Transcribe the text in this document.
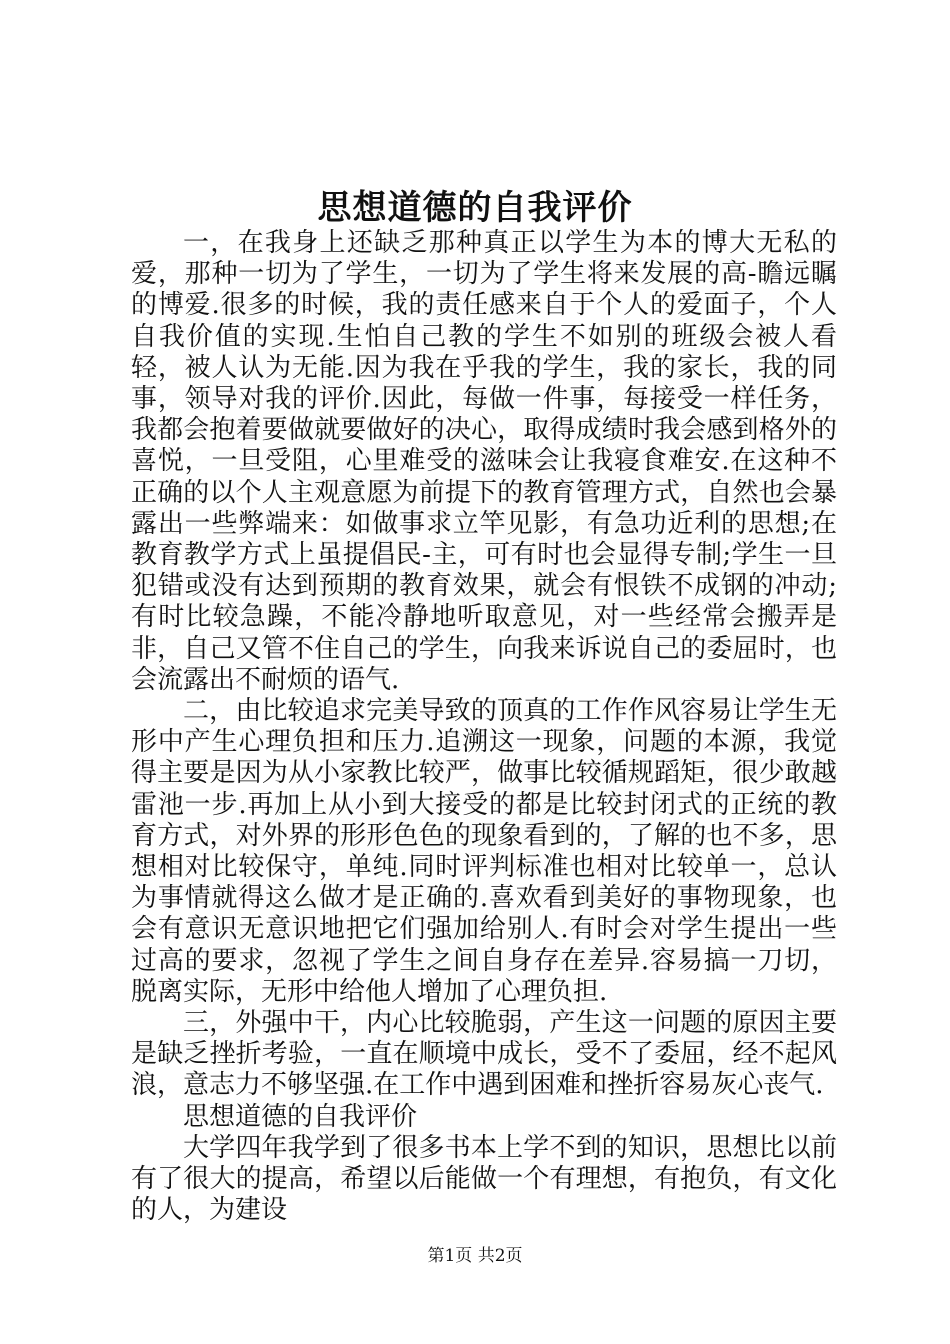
思想道德的自我评价

一，在我身上还缺乏那种真正以学生为本的博大无私的爱，那种一切为了学生，一切为了学生将来发展的高-瞻远瞩的博爱.很多的时候，我的责任感来自于个人的爱面子，个人自我价值的实现.生怕自己教的学生不如别的班级会被人看轻，被人认为无能.因为我在乎我的学生，我的家长，我的同事，领导对我的评价.因此，每做一件事，每接受一样任务，我都会抱着要做就要做好的决心，取得成绩时我会感到格外的喜悦，一旦受阻，心里难受的滋味会让我寝食难安.在这种不正确的以个人主观意愿为前提下的教育管理方式，自然也会暴露出一些弊端来：如做事求立竿见影，有急功近利的思想;在教育教学方式上虽提倡民-主，可有时也会显得专制;学生一旦犯错或没有达到预期的教育效果，就会有恨铁不成钢的冲动;有时比较急躁，不能冷静地听取意见，对一些经常会搬弄是非，自己又管不住自己的学生，向我来诉说自己的委屈时，也会流露出不耐烦的语气.

二，由比较追求完美导致的顶真的工作作风容易让学生无形中产生心理负担和压力.追溯这一现象，问题的本源，我觉得主要是因为从小家教比较严，做事比较循规蹈矩，很少敢越雷池一步.再加上从小到大接受的都是比较封闭式的正统的教育方式，对外界的形形色色的现象看到的，了解的也不多，思想相对比较保守，单纯.同时评判标准也相对比较单一，总认为事情就得这么做才是正确的.喜欢看到美好的事物现象，也会有意识无意识地把它们强加给别人.有时会对学生提出一些过高的要求，忽视了学生之间自身存在差异.容易搞一刀切，脱离实际，无形中给他人增加了心理负担.

三，外强中干，内心比较脆弱，产生这一问题的原因主要是缺乏挫折考验，一直在顺境中成长，受不了委屈，经不起风浪，意志力不够坚强.在工作中遇到困难和挫折容易灰心丧气.

思想道德的自我评价

大学四年我学到了很多书本上学不到的知识，思想比以前有了很大的提高，希望以后能做一个有理想，有抱负，有文化的人，为建设

第1页 共2页
